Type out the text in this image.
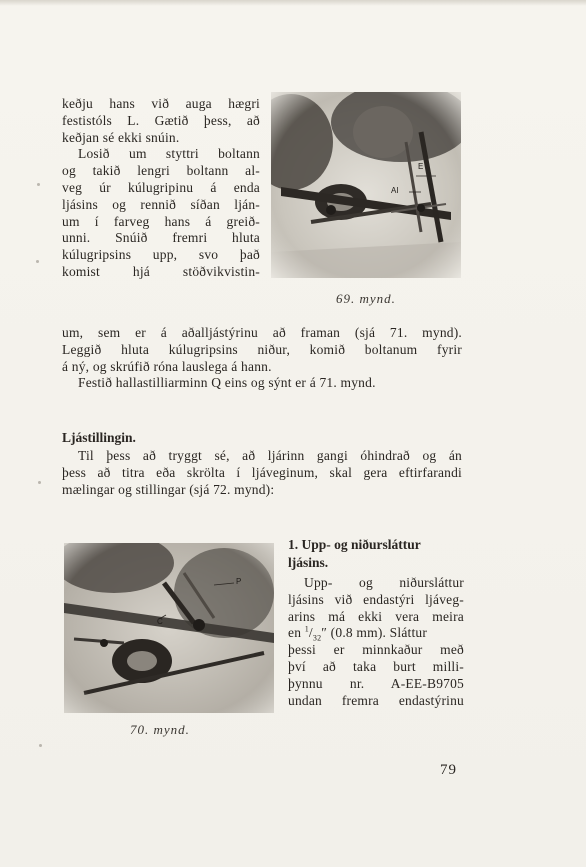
keðju hans við auga hægri
festistóls L. Gætið þess, að
keðjan sé ekki snúin.
Losið um styttri boltann
og takið lengri boltann al-
veg úr kúlugripinu á enda
ljásins og rennið síðan lján-
um í farveg hans á greið-
unni. Snúið fremri hluta
kúlugripsins upp, svo það
komist hjá stöðvikvistin-
E
AI
69. mynd.
um, sem er á aðalljástýrinu að framan (sjá 71. mynd).
Leggið hluta kúlugripsins niður, komið boltanum fyrir
á ný, og skrúfið róna lauslega á hann.
Festið hallastilliarminn Q eins og sýnt er á 71. mynd.
Ljástillingin.
Til þess að tryggt sé, að ljárinn gangi óhindrað og án
þess að titra eða skrölta í ljáveginum, skal gera eftirfarandi
mælingar og stillingar (sjá 72. mynd):
P
C
70. mynd.
1. Upp- og niðursláttur
ljásins.
Upp- og niðursláttur
ljásins við endastýri ljáveg-
arins má ekki vera meira
en $^1/_{32}''$ (0.8 mm). Sláttur
þessi er minnkaður með
því að taka burt milli-
þynnu nr. A-EE-B9705
undan fremra endastýrinu
79
